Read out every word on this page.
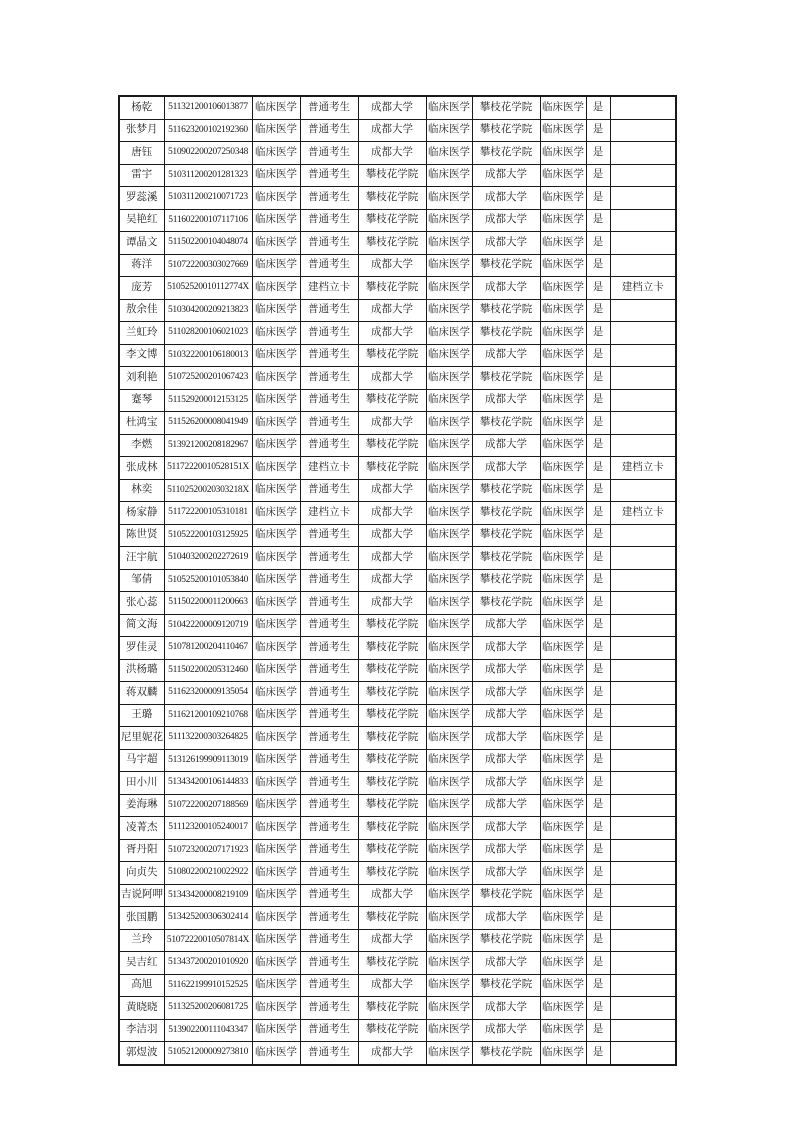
杨乾	511321200106013877	临床医学	普通考生	成都大学	临床医学	攀枝花学院	临床医学	是	
张梦月	511623200102192360	临床医学	普通考生	成都大学	临床医学	攀枝花学院	临床医学	是	
唐钰	510902200207250348	临床医学	普通考生	成都大学	临床医学	攀枝花学院	临床医学	是	
雷宇	510311200201281323	临床医学	普通考生	攀枝花学院	临床医学	成都大学	临床医学	是	
罗蕊溪	510311200210071723	临床医学	普通考生	攀枝花学院	临床医学	成都大学	临床医学	是	
吴艳红	511602200107117106	临床医学	普通考生	攀枝花学院	临床医学	成都大学	临床医学	是	
谭晶文	511502200104048074	临床医学	普通考生	攀枝花学院	临床医学	成都大学	临床医学	是	
蒋洋	510722200303027669	临床医学	普通考生	成都大学	临床医学	攀枝花学院	临床医学	是	
庞芳	51052520010112774X	临床医学	建档立卡	攀枝花学院	临床医学	成都大学	临床医学	是	建档立卡
敖余佳	510304200209213823	临床医学	普通考生	成都大学	临床医学	攀枝花学院	临床医学	是	
兰虹玲	511028200106021023	临床医学	普通考生	成都大学	临床医学	攀枝花学院	临床医学	是	
李文博	510322200106180013	临床医学	普通考生	攀枝花学院	临床医学	成都大学	临床医学	是	
刘利艳	510725200201067423	临床医学	普通考生	成都大学	临床医学	攀枝花学院	临床医学	是	
蹇琴	511529200012153125	临床医学	普通考生	攀枝花学院	临床医学	成都大学	临床医学	是	
杜鸿宝	511526200008041949	临床医学	普通考生	成都大学	临床医学	攀枝花学院	临床医学	是	
李燃	513921200208182967	临床医学	普通考生	攀枝花学院	临床医学	成都大学	临床医学	是	
张成林	51172220010528151X	临床医学	建档立卡	攀枝花学院	临床医学	成都大学	临床医学	是	建档立卡
林奕	51102520020303218X	临床医学	普通考生	成都大学	临床医学	攀枝花学院	临床医学	是	
杨家静	511722200105310181	临床医学	建档立卡	成都大学	临床医学	攀枝花学院	临床医学	是	建档立卡
陈世贤	510522200103125925	临床医学	普通考生	成都大学	临床医学	攀枝花学院	临床医学	是	
汪宇航	510403200202272619	临床医学	普通考生	成都大学	临床医学	攀枝花学院	临床医学	是	
邹倩	510525200101053840	临床医学	普通考生	成都大学	临床医学	攀枝花学院	临床医学	是	
张心蕊	511502200011200663	临床医学	普通考生	成都大学	临床医学	攀枝花学院	临床医学	是	
简文海	510422200009120719	临床医学	普通考生	攀枝花学院	临床医学	成都大学	临床医学	是	
罗佳灵	510781200204110467	临床医学	普通考生	攀枝花学院	临床医学	成都大学	临床医学	是	
洪杨璐	511502200205312460	临床医学	普通考生	攀枝花学院	临床医学	成都大学	临床医学	是	
蒋双麟	511623200009135054	临床医学	普通考生	攀枝花学院	临床医学	成都大学	临床医学	是	
王璐	511621200109210768	临床医学	普通考生	攀枝花学院	临床医学	成都大学	临床医学	是	
尼里妮花	511132200303264825	临床医学	普通考生	攀枝花学院	临床医学	成都大学	临床医学	是	
马宇超	513126199909113019	临床医学	普通考生	攀枝花学院	临床医学	成都大学	临床医学	是	
田小川	513434200106144833	临床医学	普通考生	攀枝花学院	临床医学	成都大学	临床医学	是	
姜海琳	510722200207188569	临床医学	普通考生	攀枝花学院	临床医学	成都大学	临床医学	是	
凌菁杰	511123200105240017	临床医学	普通考生	攀枝花学院	临床医学	成都大学	临床医学	是	
胥丹阳	510723200207171923	临床医学	普通考生	攀枝花学院	临床医学	成都大学	临床医学	是	
向贞失	510802200210022922	临床医学	普通考生	攀枝花学院	临床医学	成都大学	临床医学	是	
吉说阿呷	513434200008219109	临床医学	普通考生	成都大学	临床医学	攀枝花学院	临床医学	是	
张国鹏	513425200306302414	临床医学	普通考生	攀枝花学院	临床医学	成都大学	临床医学	是	
兰玲	51072220010507814X	临床医学	普通考生	成都大学	临床医学	攀枝花学院	临床医学	是	
吴吉红	513437200201010920	临床医学	普通考生	攀枝花学院	临床医学	成都大学	临床医学	是	
高旭	511622199910152525	临床医学	普通考生	成都大学	临床医学	攀枝花学院	临床医学	是	
黄晓晓	511325200206081725	临床医学	普通考生	攀枝花学院	临床医学	成都大学	临床医学	是	
李洁羽	513902200111043347	临床医学	普通考生	攀枝花学院	临床医学	成都大学	临床医学	是	
郭煜波	510521200009273810	临床医学	普通考生	成都大学	临床医学	攀枝花学院	临床医学	是	
